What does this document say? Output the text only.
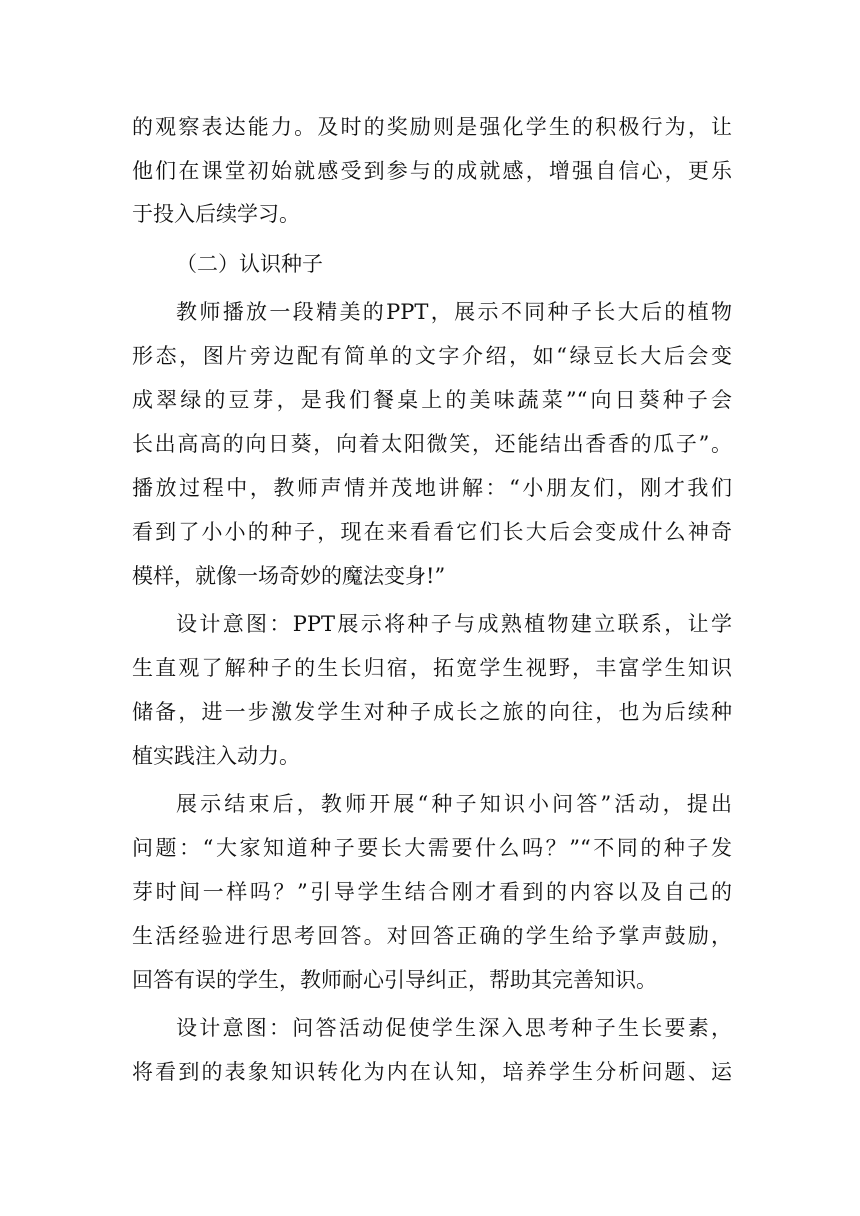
的观察表达能力。及时的奖励则是强化学生的积极行为，让
他们在课堂初始就感受到参与的成就感，增强自信心，更乐
于投入后续学习。
（二）认识种子
教师播放一段精美的PPT，展示不同种子长大后的植物
形态，图片旁边配有简单的文字介绍，如“绿豆长大后会变
成翠绿的豆芽，是我们餐桌上的美味蔬菜”“向日葵种子会
长出高高的向日葵，向着太阳微笑，还能结出香香的瓜子”。
播放过程中，教师声情并茂地讲解：“小朋友们，刚才我们
看到了小小的种子，现在来看看它们长大后会变成什么神奇
模样，就像一场奇妙的魔法变身!”
设计意图：PPT展示将种子与成熟植物建立联系，让学
生直观了解种子的生长归宿，拓宽学生视野，丰富学生知识
储备，进一步激发学生对种子成长之旅的向往，也为后续种
植实践注入动力。
展示结束后，教师开展“种子知识小问答”活动，提出
问题：“大家知道种子要长大需要什么吗？”“不同的种子发
芽时间一样吗？”引导学生结合刚才看到的内容以及自己的
生活经验进行思考回答。对回答正确的学生给予掌声鼓励，
回答有误的学生，教师耐心引导纠正，帮助其完善知识。
设计意图：问答活动促使学生深入思考种子生长要素，
将看到的表象知识转化为内在认知，培养学生分析问题、运
